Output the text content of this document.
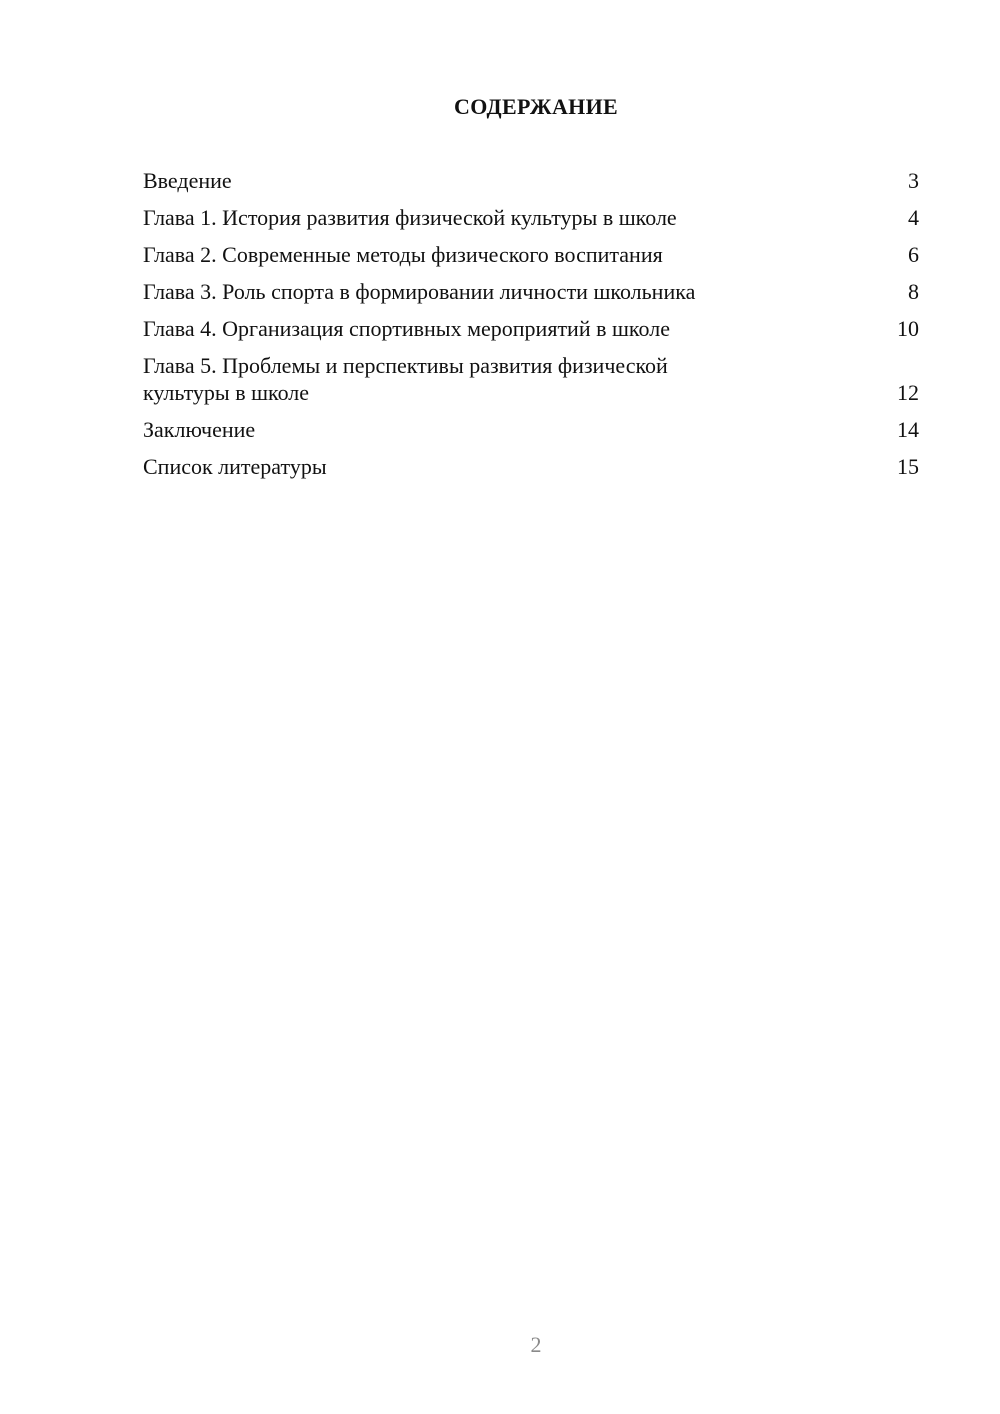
СОДЕРЖАНИЕ
Введение	3
Глава 1. История развития физической культуры в школе	4
Глава 2. Современные методы физического воспитания	6
Глава 3. Роль спорта в формировании личности школьника	8
Глава 4. Организация спортивных мероприятий в школе	10
Глава 5. Проблемы и перспективы развития физической культуры в школе	12
Заключение	14
Список литературы	15
2
